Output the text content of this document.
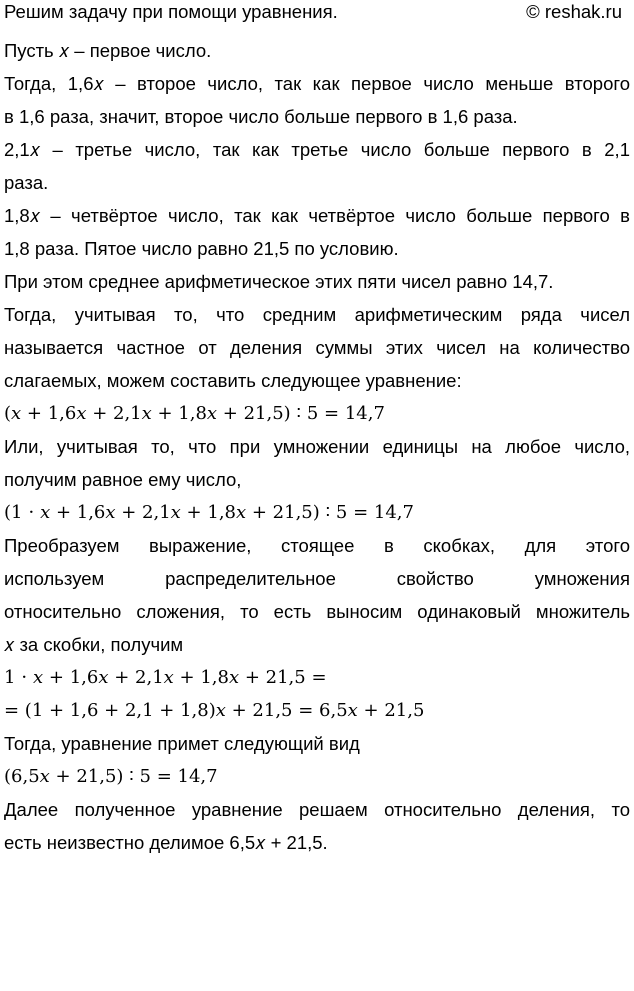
Решим задачу при помощи уравнения.	© reshak.ru
Пусть 𝑥 – первое число.
Тогда, 1,6𝑥 – второе число, так как первое число меньше второго
в 1,6 раза, значит, второе число больше первого в 1,6 раза.
2,1𝑥 – третье число, так как третье число больше первого в 2,1
раза.
1,8𝑥 – четвёртое число, так как четвёртое число больше первого в
1,8 раза. Пятое число равно 21,5 по условию.
При этом среднее арифметическое этих пяти чисел равно 14,7.
Тогда, учитывая то, что средним арифметическим ряда чисел
называется частное от деления суммы этих чисел на количество
слагаемых, можем составить следующее уравнение:
(𝑥 + 1,6𝑥 + 2,1𝑥 + 1,8𝑥 + 21,5) ∶ 5 = 14,7
Или, учитывая то, что при умножении единицы на любое число,
получим равное ему число,
(1 ⋅ 𝑥 + 1,6𝑥 + 2,1𝑥 + 1,8𝑥 + 21,5) ∶ 5 = 14,7
Преобразуем выражение, стоящее в скобках, для этого
используем распределительное свойство умножения
относительно сложения, то есть выносим одинаковый множитель
𝑥 за скобки, получим
1 ⋅ 𝑥 + 1,6𝑥 + 2,1𝑥 + 1,8𝑥 + 21,5 =
= (1 + 1,6 + 2,1 + 1,8)𝑥 + 21,5 = 6,5𝑥 + 21,5
Тогда, уравнение примет следующий вид
(6,5𝑥 + 21,5) ∶ 5 = 14,7
Далее полученное уравнение решаем относительно деления, то
есть неизвестно делимое 6,5𝑥 + 21,5.
